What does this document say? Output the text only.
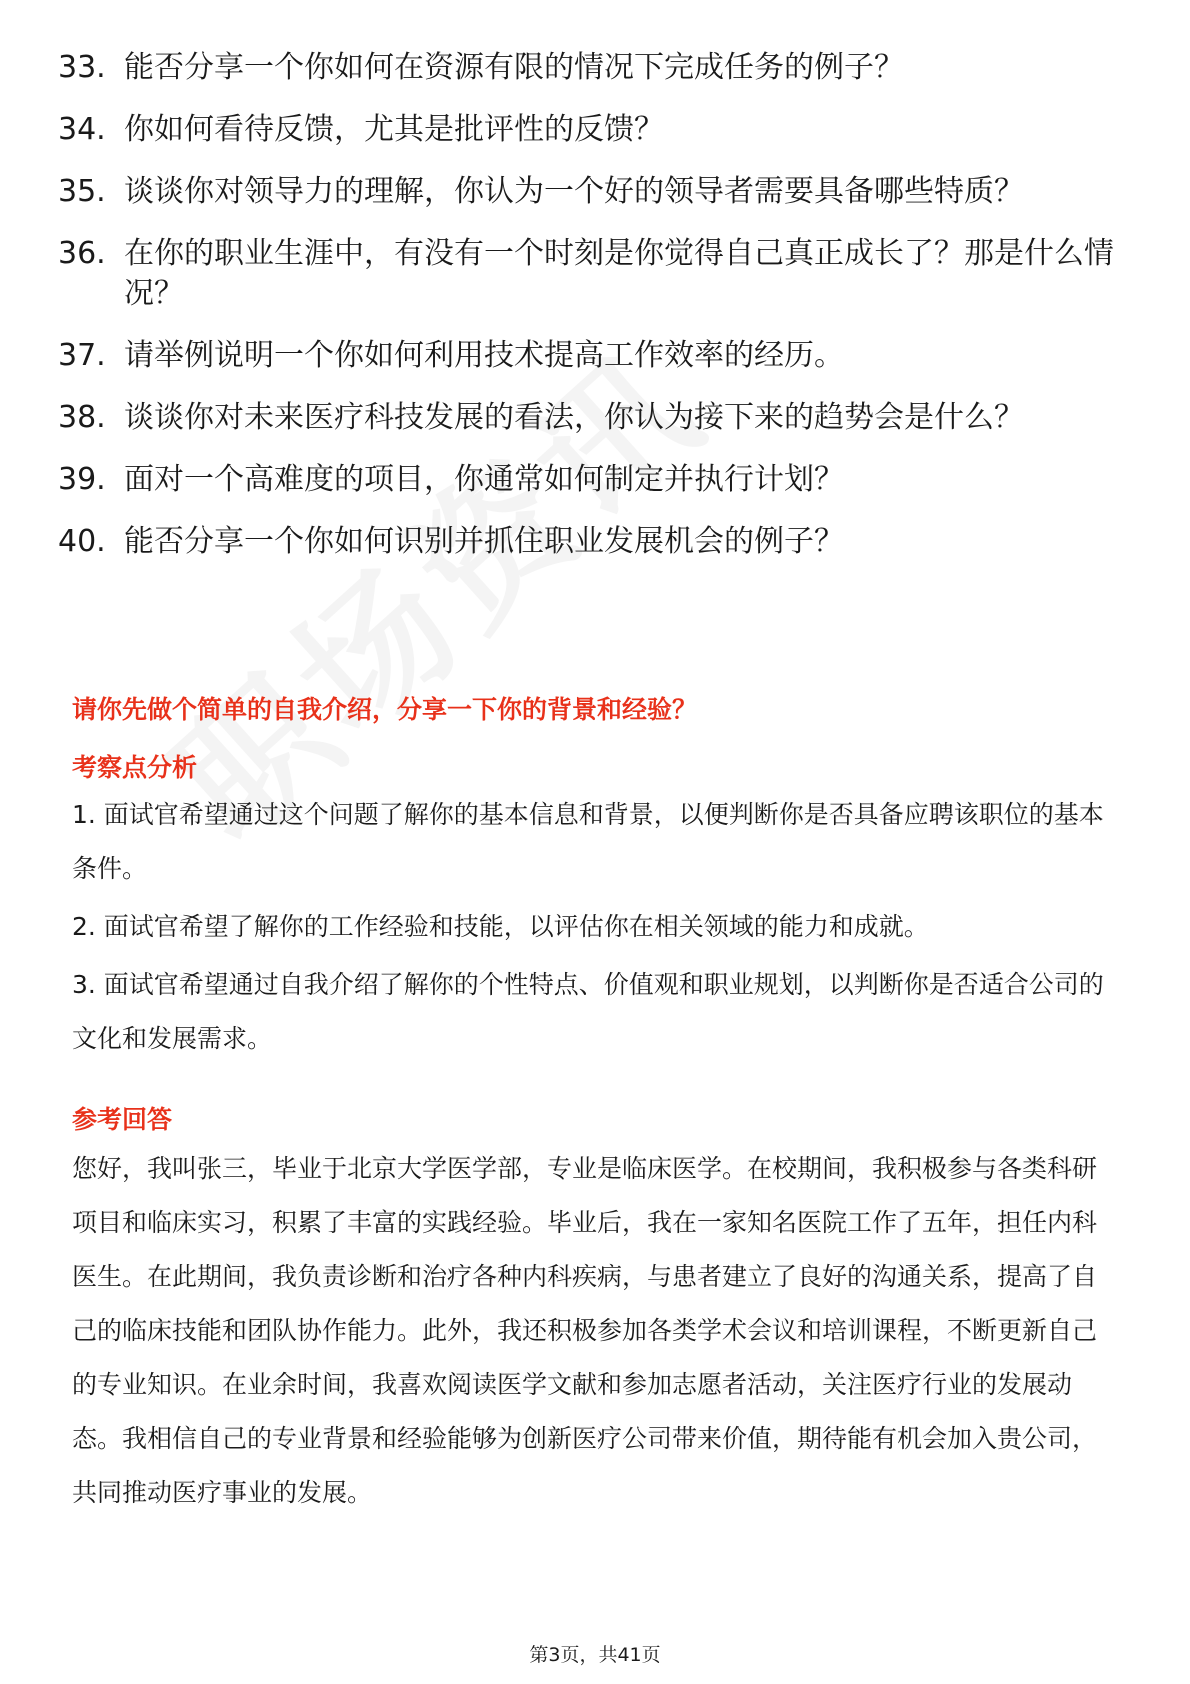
33. 能否分享一个你如何在资源有限的情况下完成任务的例子？
34. 你如何看待反馈，尤其是批评性的反馈？
35. 谈谈你对领导力的理解，你认为一个好的领导者需要具备哪些特质？
36. 在你的职业生涯中，有没有一个时刻是你觉得自己真正成长了？那是什么情况？
37. 请举例说明一个你如何利用技术提高工作效率的经历。
38. 谈谈你对未来医疗科技发展的看法，你认为接下来的趋势会是什么？
39. 面对一个高难度的项目，你通常如何制定并执行计划？
40. 能否分享一个你如何识别并抓住职业发展机会的例子？
请你先做个简单的自我介绍，分享一下你的背景和经验？
考察点分析

1. 面试官希望通过这个问题了解你的基本信息和背景，以便判断你是否具备应聘该职位的基本条件。

2. 面试官希望了解你的工作经验和技能，以评估你在相关领域的能力和成就。

3. 面试官希望通过自我介绍了解你的个性特点、价值观和职业规划，以判断你是否适合公司的文化和发展需求。

参考回答

您好，我叫张三，毕业于北京大学医学部，专业是临床医学。在校期间，我积极参与各类科研项目和临床实习，积累了丰富的实践经验。毕业后，我在一家知名医院工作了五年，担任内科医生。在此期间，我负责诊断和治疗各种内科疾病，与患者建立了良好的沟通关系，提高了自己的临床技能和团队协作能力。此外，我还积极参加各类学术会议和培训课程，不断更新自己的专业知识。在业余时间，我喜欢阅读医学文献和参加志愿者活动，关注医疗行业的发展动态。我相信自己的专业背景和经验能够为创新医疗公司带来价值，期待能有机会加入贵公司，共同推动医疗事业的发展。

第3页，共41页
